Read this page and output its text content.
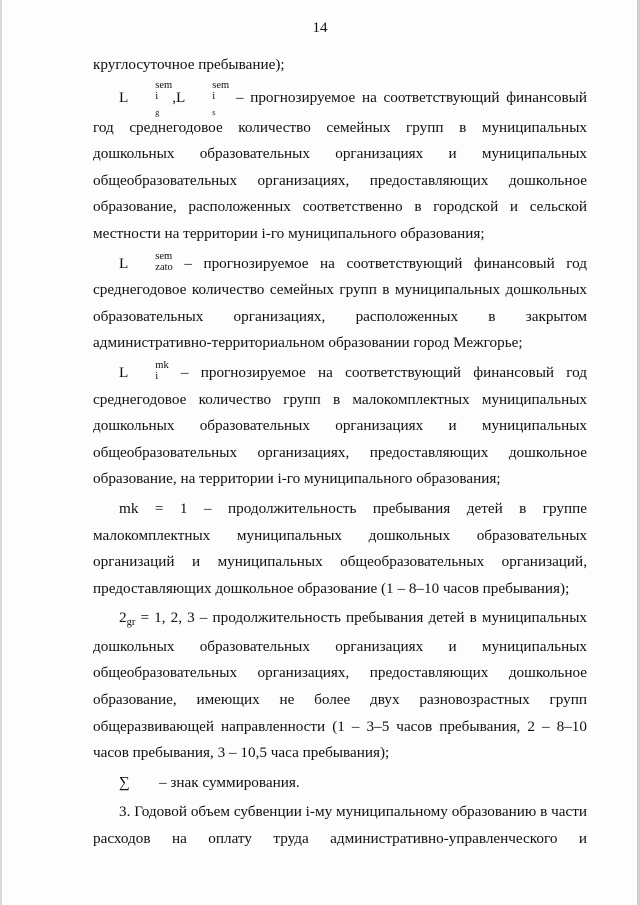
14

круглосуточное пребывание);

L
sem
i
g
,L
sem
i
s
– прогнозируемое на соответствующий финансовый год среднегодовое количество семейных групп в муниципальных дошкольных образовательных организациях и муниципальных общеобразовательных организациях, предоставляющих дошкольное образование, расположенных соответственно в городской и сельской местности на территории i-го муниципального образования;

L	sem
zato – прогнозируемое на соответствующий финансовый год среднегодовое количество семейных групп в муниципальных дошкольных образовательных организациях, расположенных в закрытом административно-территориальном образовании город Межгорье;

L	mk
i – прогнозируемое на соответствующий финансовый год среднегодовое количество групп в малокомплектных муниципальных дошкольных образовательных организациях и муниципальных общеобразовательных организациях, предоставляющих дошкольное образование, на территории i-го муниципального образования;

mk = 1 – продолжительность пребывания детей в группе малокомплектных муниципальных дошкольных образовательных организаций и муниципальных общеобразовательных организаций, предоставляющих дошкольное образование (1 – 8–10 часов пребывания);

2gr = 1, 2, 3 – продолжительность пребывания детей в муниципальных дошкольных образовательных организациях и муниципальных общеобразовательных организациях, предоставляющих дошкольное образование, имеющих не более двух разновозрастных групп общеразвивающей направленности (1 – 3–5 часов пребывания, 2 – 8–10 часов пребывания, 3 – 10,5 часа пребывания);

∑ – знак суммирования.

3. Годовой объем субвенции i-му муниципальному образованию в части расходов на оплату труда административно-управленческого и
